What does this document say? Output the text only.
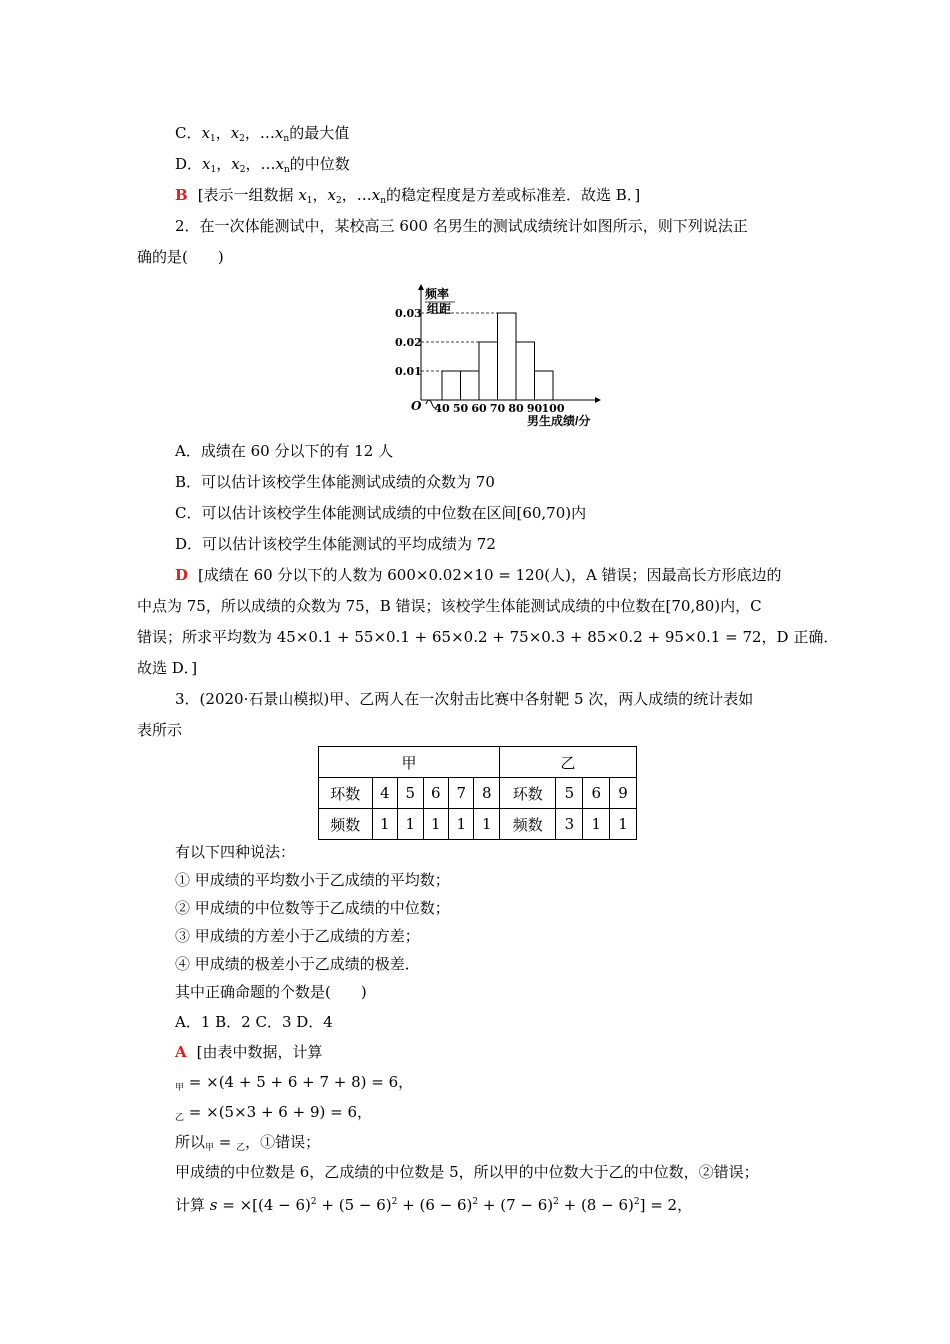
C．$x_1$，$x_2$，$\dots x_n$的最大值
D．$x_1$，$x_2$，$\dots x_n$的中位数
B [表示一组数据 $x_1$，$x_2$，$\dots x_n$的稳定程度是方差或标准差．故选 B．]
2．在一次体能测试中，某校高三 600 名男生的测试成绩统计如图所示，则下列说法正
确的是(　　)
频率
组距
0.01
0.02
0.03
40 50 60 70 80 90 100
O
男生成绩/分
A．成绩在 60 分以下的有 12 人
B．可以估计该校学生体能测试成绩的众数为 70
C．可以估计该校学生体能测试成绩的中位数在区间[60,70)内
D．可以估计该校学生体能测试的平均成绩为 72
D [成绩在 60 分以下的人数为 600×0.02×10 = 120(人)，A 错误；因最高长方形底边的
中点为 75，所以成绩的众数为 75，B 错误；该校学生体能测试成绩的中位数在[70,80)内，C
错误；所求平均数为 45×0.1 + 55×0.1 + 65×0.2 + 75×0.3 + 85×0.2 + 95×0.1 = 72，D 正确．
故选 D．]
3．(2020·石景山模拟)甲、乙两人在一次射击比赛中各射靶 5 次，两人成绩的统计表如
表所示
甲						乙			
环数	4	5	6	7	8	环数	5	6	9
频数	1	1	1	1	1	频数	3	1	1
有以下四种说法：
① 甲成绩的平均数小于乙成绩的平均数；
② 甲成绩的中位数等于乙成绩的中位数；
③ 甲成绩的方差小于乙成绩的方差；
④ 甲成绩的极差小于乙成绩的极差．
其中正确命题的个数是(　　)
A．1 B．2 C．3 D．4
A [由表中数据，计算
$_甲$ = ×(4 + 5 + 6 + 7 + 8) = 6，
$_乙$ = ×(5×3 + 6 + 9) = 6，
所以$_甲$ = $_乙$，①错误；
甲成绩的中位数是 6，乙成绩的中位数是 5，所以甲的中位数大于乙的中位数，②错误；
计算 $s = \times[(4 - 6)^2 + (5 - 6)^2 + (6 - 6)^2 + (7 - 6)^2 + (8 - 6)^2] = 2$，
